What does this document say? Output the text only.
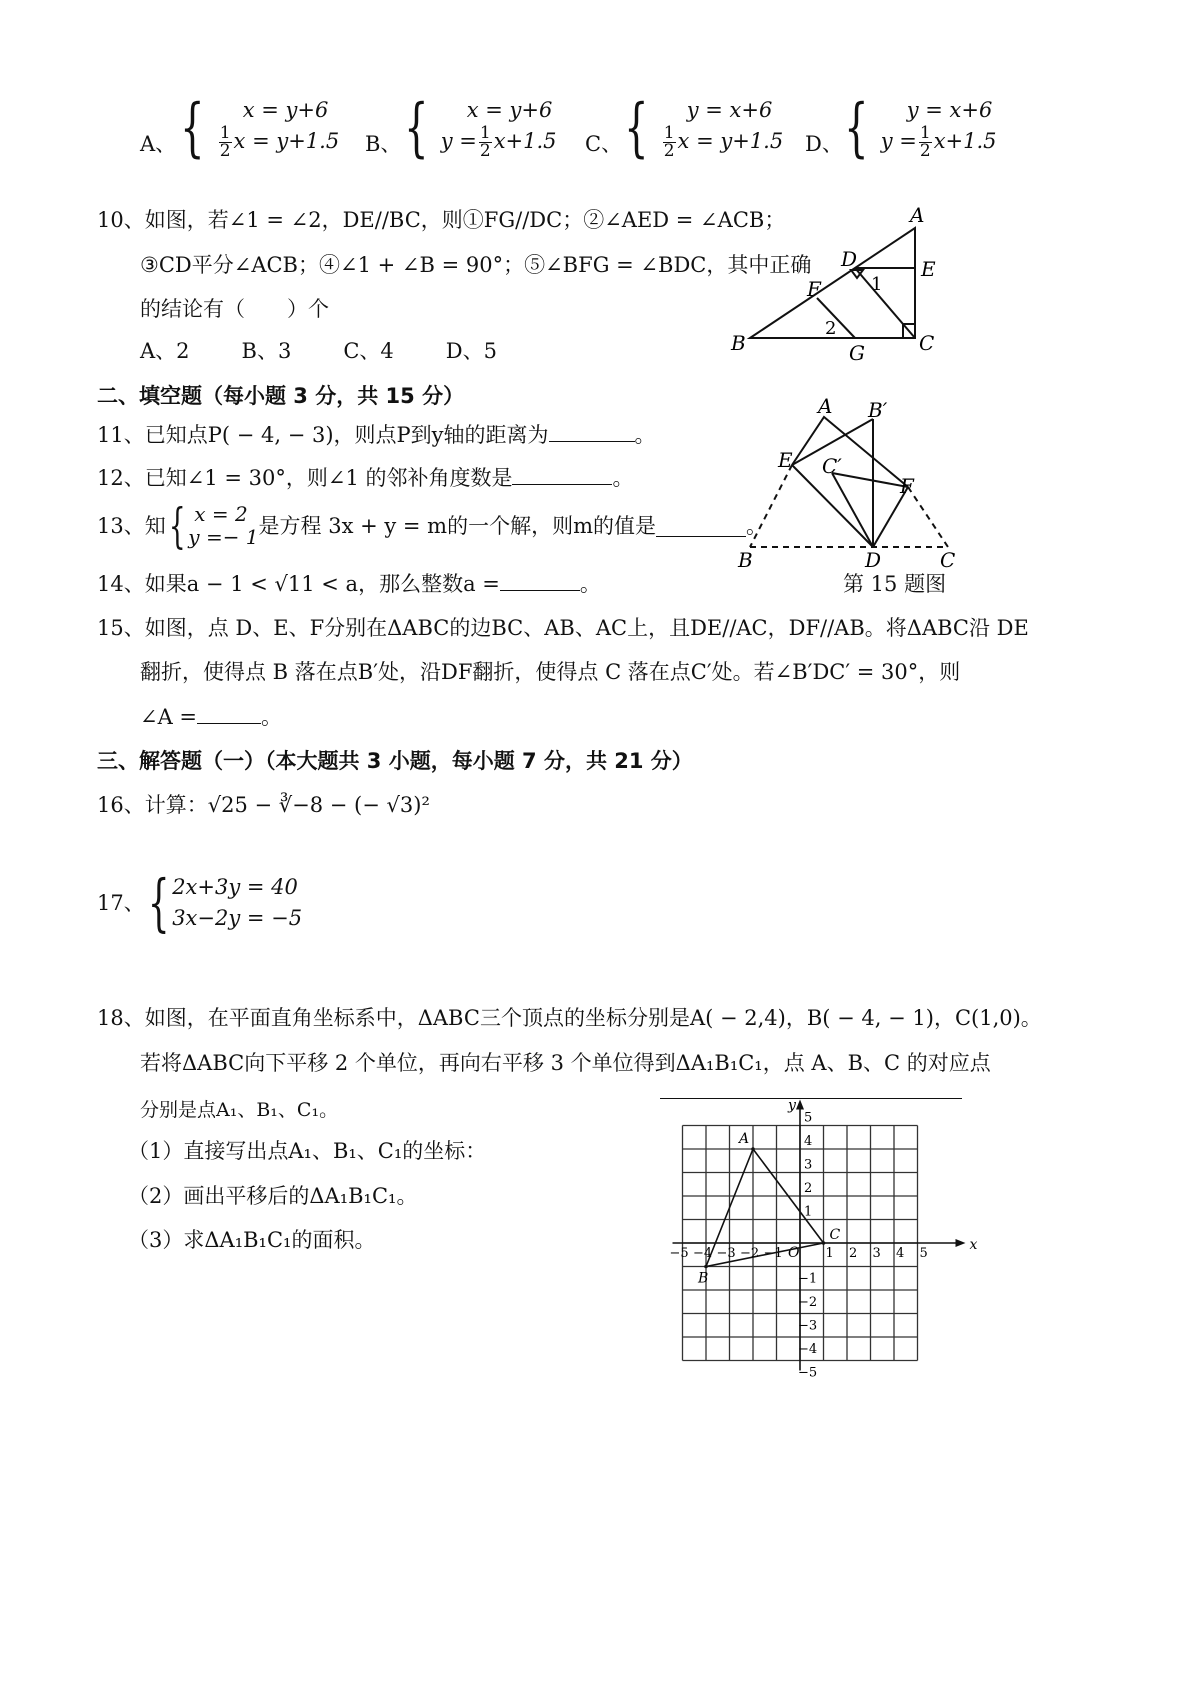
A、 { x = y+6
$\frac{1}{2}$ x = y+1.5 B、 { x = y+6
$y = \frac{1}{2} x+1.5$ C、 { y = x+6
$\frac{1}{2}$ x = y+1.5 D、 { y = x+6
$y = \frac{1}{2} x+1.5$
10、如图，若∠1 = ∠2，DE//BC，则①FG//DC；②∠AED = ∠ACB；
③CD平分∠ACB；④∠1 + ∠B = 90°；⑤∠BFG = ∠BDC，其中正确
的结论有（　　）个
A、2 B、3 C、4 D、5
A
D	E
F
B	G	C
1
2
二、填空题（每小题 3 分，共 15 分）
11、已知点P( − 4, − 3)，则点P到y轴的距离为	。
12、已知∠1 = 30°，则∠1 的邻补角度数是	。
13、知 { x = 2
y =− 1 是方程 3x + y = m的一个解，则m的值是	。
14、如果a − 1 < √11 < a，那么整数a =	。
A B′
E C′
F
B	D	C
第 15 题图
15、如图，点 D、E、F分别在ΔABC的边BC、AB、AC上，且DE//AC，DF//AB。将ΔABC沿 DE
翻折，使得点 B 落在点B′处，沿DF翻折，使得点 C 落在点C′处。若∠B′DC′ = 30°，则
∠A =	。
三、解答题（一）（本大题共 3 小题，每小题 7 分，共 21 分）
16、计算：√25 − ∛−8 − (− √3)²
17、 { 2x+3y = 40
3x−2y = −5
18、如图，在平面直角坐标系中，ΔABC三个顶点的坐标分别是A( − 2,4)，B( − 4, − 1)，C(1,0)。
若将ΔABC向下平移 2 个单位，再向右平移 3 个单位得到ΔA₁B₁C₁，点 A、B、C 的对应点
分别是点A₁、B₁、C₁。
（1）直接写出点A₁、B₁、C₁的坐标：
（2）画出平移后的ΔA₁B₁C₁。
（3）求ΔA₁B₁C₁的面积。	x
y
O
−5 −4 −3 −2 −1	1 2 3 4 5
5
4
3
2
1
−1
−2
−3
−4
−5
A
B
C
